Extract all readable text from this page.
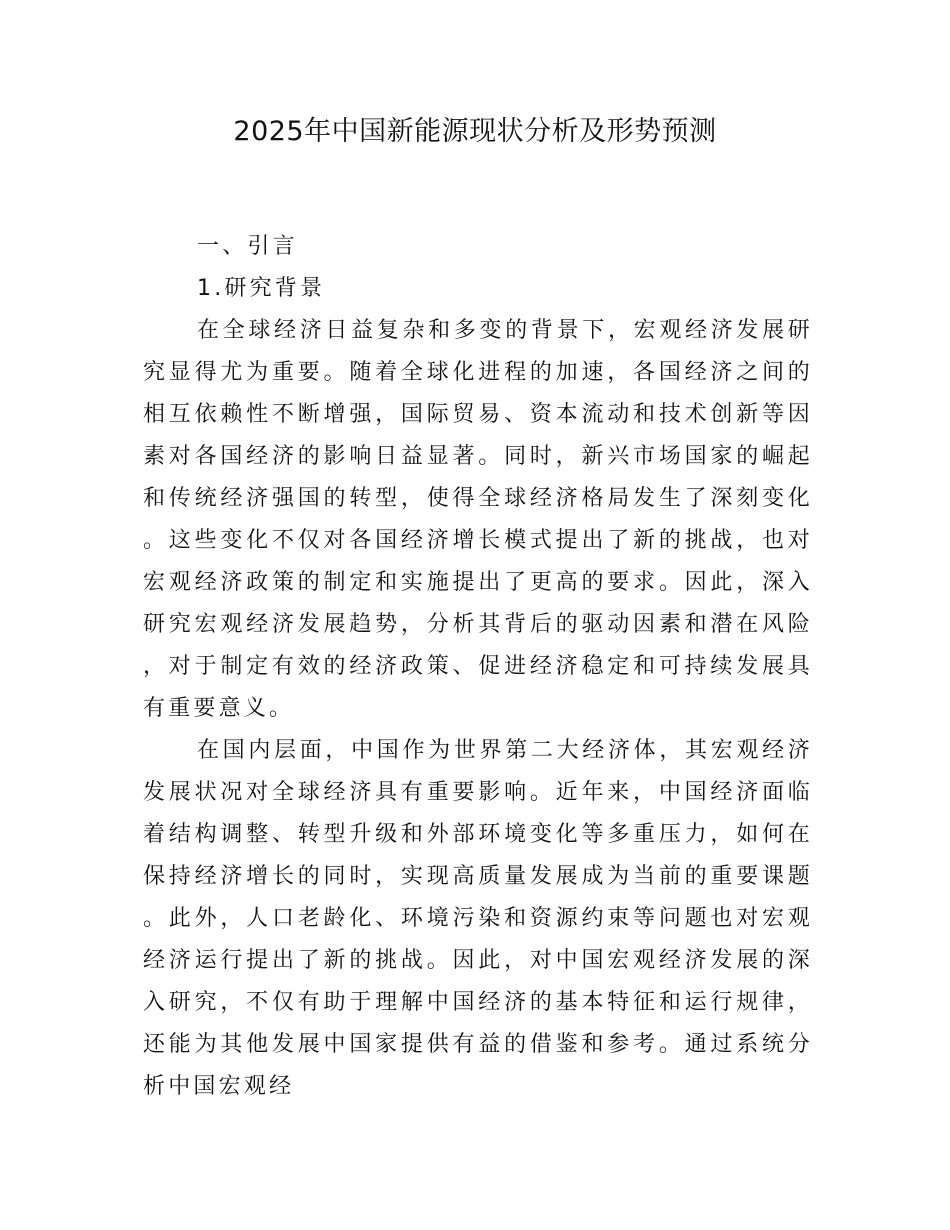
2025年中国新能源现状分析及形势预测
一、引言
1.研究背景

在全球经济日益复杂和多变的背景下，宏观经济发展研究显得尤为重要。随着全球化进程的加速，各国经济之间的相互依赖性不断增强，国际贸易、资本流动和技术创新等因素对各国经济的影响日益显著。同时，新兴市场国家的崛起和传统经济强国的转型，使得全球经济格局发生了深刻变化。这些变化不仅对各国经济增长模式提出了新的挑战，也对宏观经济政策的制定和实施提出了更高的要求。因此，深入研究宏观经济发展趋势，分析其背后的驱动因素和潜在风险，对于制定有效的经济政策、促进经济稳定和可持续发展具有重要意义。

在国内层面，中国作为世界第二大经济体，其宏观经济发展状况对全球经济具有重要影响。近年来，中国经济面临着结构调整、转型升级和外部环境变化等多重压力，如何在保持经济增长的同时，实现高质量发展成为当前的重要课题。此外，人口老龄化、环境污染和资源约束等问题也对宏观经济运行提出了新的挑战。因此，对中国宏观经济发展的深入研究，不仅有助于理解中国经济的基本特征和运行规律，还能为其他发展中国家提供有益的借鉴和参考。通过系统分析中国宏观经
